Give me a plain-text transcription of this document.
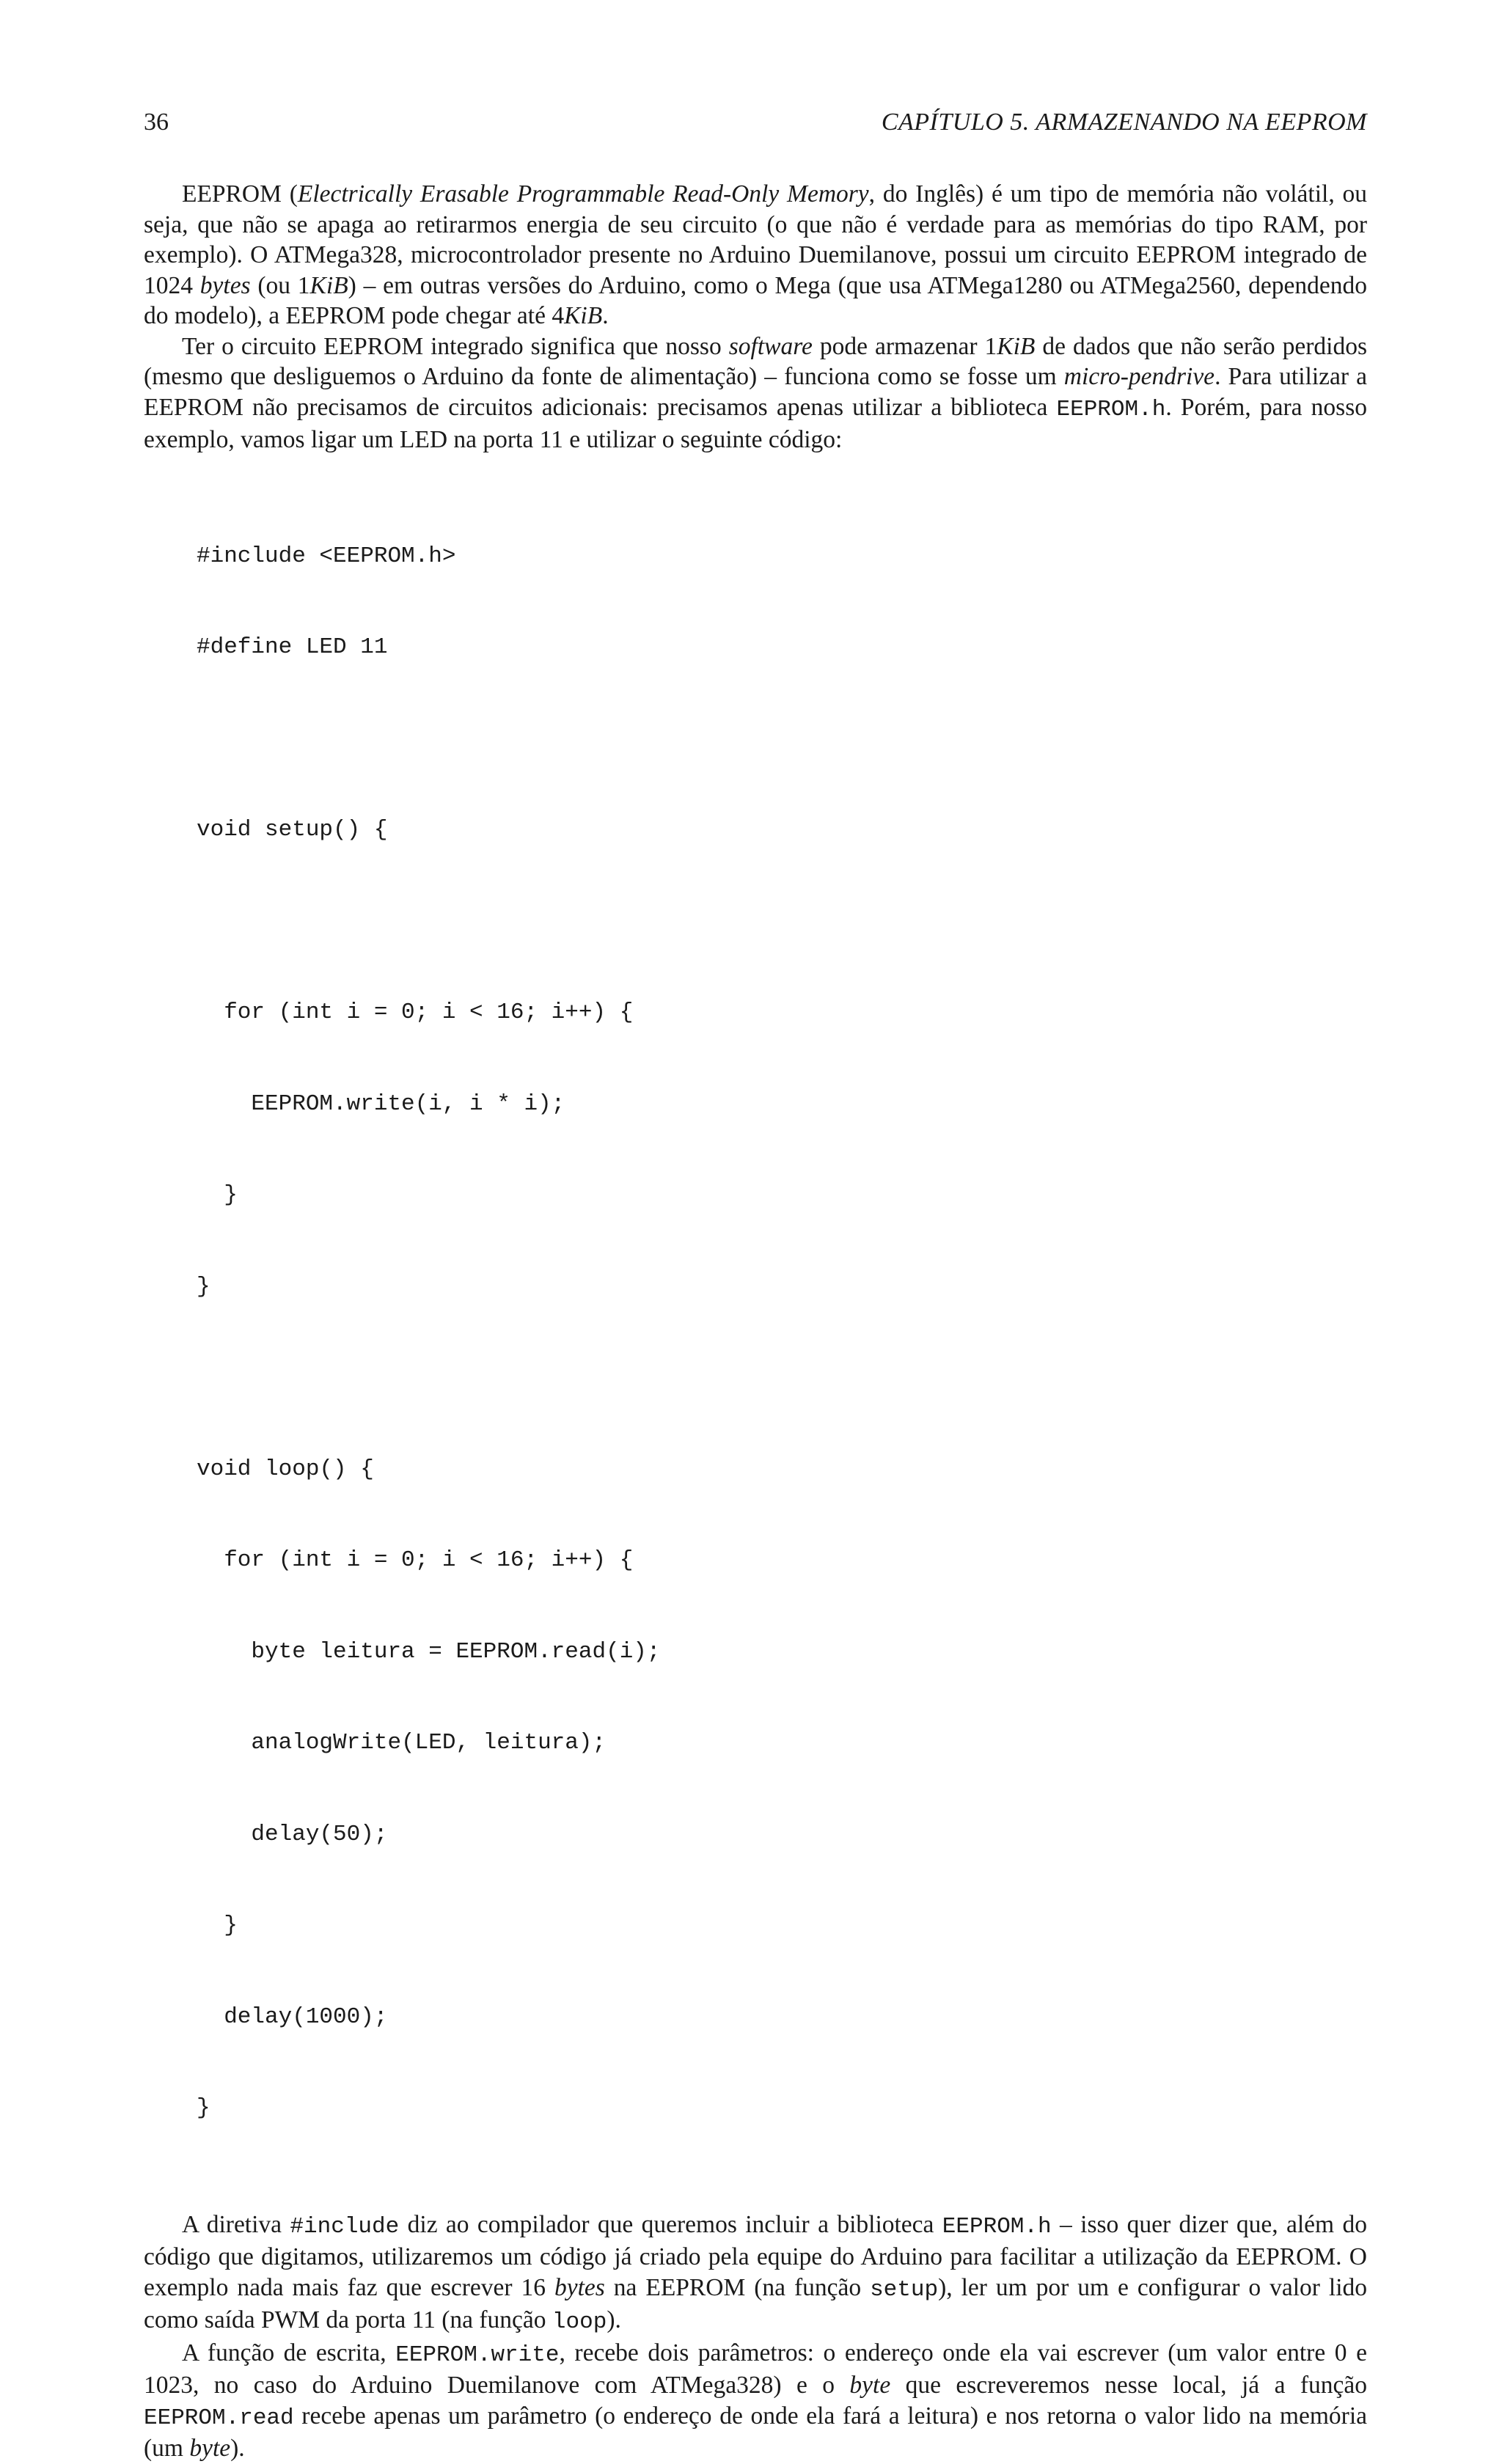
36	CAPÍTULO 5. ARMAZENANDO NA EEPROM

EEPROM (Electrically Erasable Programmable Read-Only Memory, do Inglês) é um tipo de memória não volátil, ou seja, que não se apaga ao retirarmos energia de seu circuito (o que não é verdade para as memórias do tipo RAM, por exemplo). O ATMega328, microcontrolador presente no Arduino Duemilanove, possui um circuito EEPROM integrado de 1024 bytes (ou 1KiB) – em outras versões do Arduino, como o Mega (que usa ATMega1280 ou ATMega2560, dependendo do modelo), a EEPROM pode chegar até 4KiB.

Ter o circuito EEPROM integrado significa que nosso software pode armazenar 1KiB de dados que não serão perdidos (mesmo que desliguemos o Arduino da fonte de alimentação) – funciona como se fosse um micro-pendrive. Para utilizar a EEPROM não precisamos de circuitos adicionais: precisamos apenas utilizar a biblioteca EEPROM.h. Porém, para nosso exemplo, vamos ligar um LED na porta 11 e utilizar o seguinte código:

#include <EEPROM.h>

#define LED 11

void setup() {

for (int i = 0; i < 16; i++) {

EEPROM.write(i, i * i);

}

}

void loop() {

for (int i = 0; i < 16; i++) {

byte leitura = EEPROM.read(i);

analogWrite(LED, leitura);

delay(50);

}

delay(1000);

}

A diretiva #include diz ao compilador que queremos incluir a biblioteca EEPROM.h – isso quer dizer que, além do código que digitamos, utilizaremos um código já criado pela equipe do Arduino para facilitar a utilização da EEPROM. O exemplo nada mais faz que escrever 16 bytes na EEPROM (na função setup), ler um por um e configurar o valor lido como saída PWM da porta 11 (na função loop).

A função de escrita, EEPROM.write, recebe dois parâmetros: o endereço onde ela vai escrever (um valor entre 0 e 1023, no caso do Arduino Duemilanove com ATMega328) e o byte que escreveremos nesse local, já a função EEPROM.read recebe apenas um parâmetro (o endereço de onde ela fará a leitura) e nos retorna o valor lido na memória (um byte).
